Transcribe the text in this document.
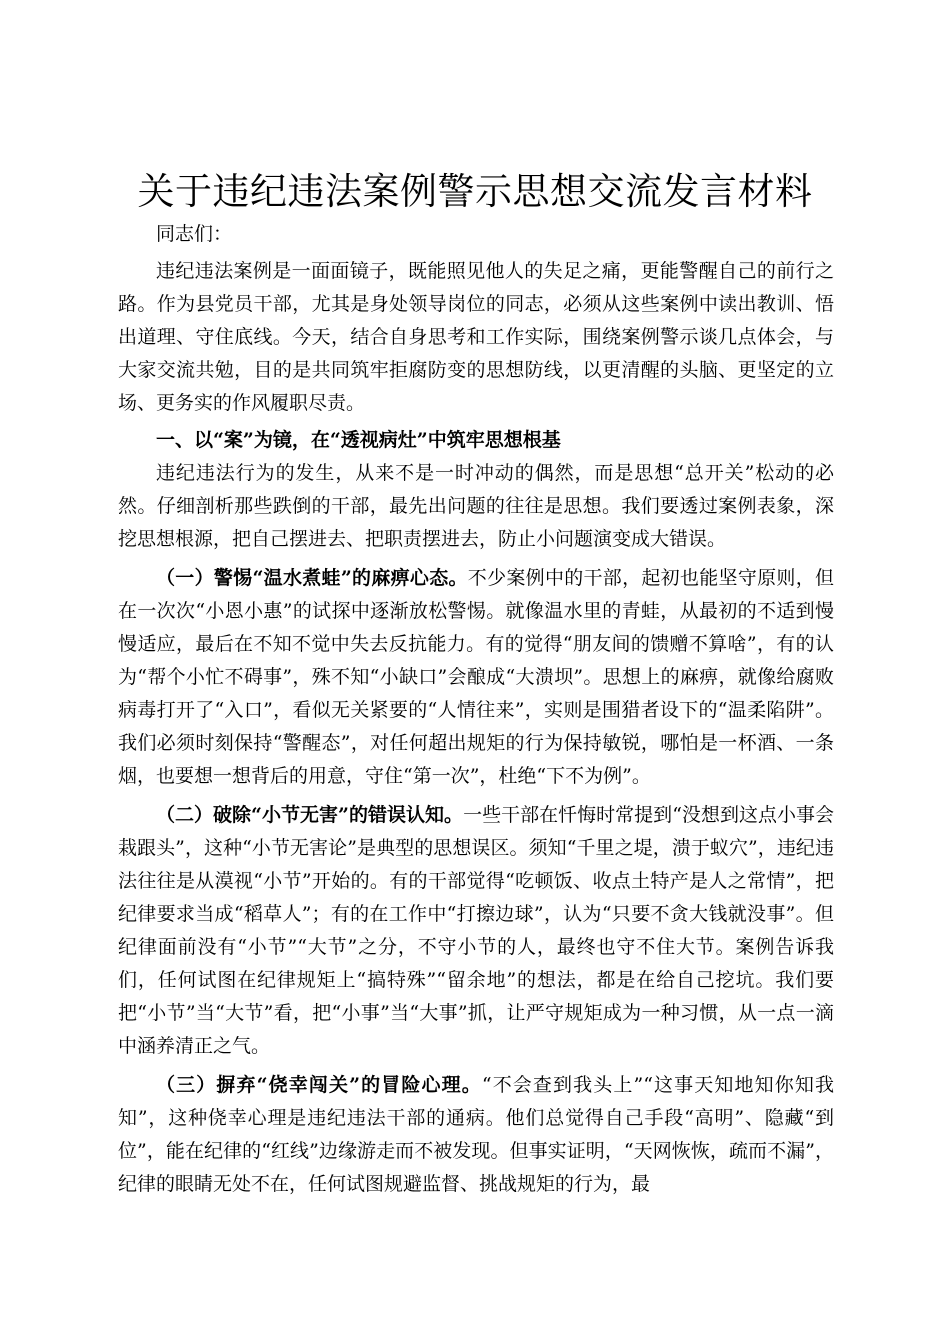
关于违纪违法案例警示思想交流发言材料

同志们：

违纪违法案例是一面面镜子，既能照见他人的失足之痛，更能警醒自己的前行之路。作为县党员干部，尤其是身处领导岗位的同志，必须从这些案例中读出教训、悟出道理、守住底线。今天，结合自身思考和工作实际，围绕案例警示谈几点体会，与大家交流共勉，目的是共同筑牢拒腐防变的思想防线，以更清醒的头脑、更坚定的立场、更务实的作风履职尽责。

一、以“案”为镜，在“透视病灶”中筑牢思想根基

违纪违法行为的发生，从来不是一时冲动的偶然，而是思想“总开关”松动的必然。仔细剖析那些跌倒的干部，最先出问题的往往是思想。我们要透过案例表象，深挖思想根源，把自己摆进去、把职责摆进去，防止小问题演变成大错误。

（一）警惕“温水煮蛙”的麻痹心态。不少案例中的干部，起初也能坚守原则，但在一次次“小恩小惠”的试探中逐渐放松警惕。就像温水里的青蛙，从最初的不适到慢慢适应，最后在不知不觉中失去反抗能力。有的觉得“朋友间的馈赠不算啥”，有的认为“帮个小忙不碍事”，殊不知“小缺口”会酿成“大溃坝”。思想上的麻痹，就像给腐败病毒打开了“入口”，看似无关紧要的“人情往来”，实则是围猎者设下的“温柔陷阱”。我们必须时刻保持“警醒态”，对任何超出规矩的行为保持敏锐，哪怕是一杯酒、一条烟，也要想一想背后的用意，守住“第一次”，杜绝“下不为例”。

（二）破除“小节无害”的错误认知。一些干部在忏悔时常提到“没想到这点小事会栽跟头”，这种“小节无害论”是典型的思想误区。须知“千里之堤，溃于蚁穴”，违纪违法往往是从漠视“小节”开始的。有的干部觉得“吃顿饭、收点土特产是人之常情”，把纪律要求当成“稻草人”；有的在工作中“打擦边球”，认为“只要不贪大钱就没事”。但纪律面前没有“小节”“大节”之分，不守小节的人，最终也守不住大节。案例告诉我们，任何试图在纪律规矩上“搞特殊”“留余地”的想法，都是在给自己挖坑。我们要把“小节”当“大节”看，把“小事”当“大事”抓，让严守规矩成为一种习惯，从一点一滴中涵养清正之气。

（三）摒弃“侥幸闯关”的冒险心理。“不会查到我头上”“这事天知地知你知我知”，这种侥幸心理是违纪违法干部的通病。他们总觉得自己手段“高明”、隐藏“到位”，能在纪律的“红线”边缘游走而不被发现。但事实证明，“天网恢恢，疏而不漏”，纪律的眼睛无处不在，任何试图规避监督、挑战规矩的行为，最
